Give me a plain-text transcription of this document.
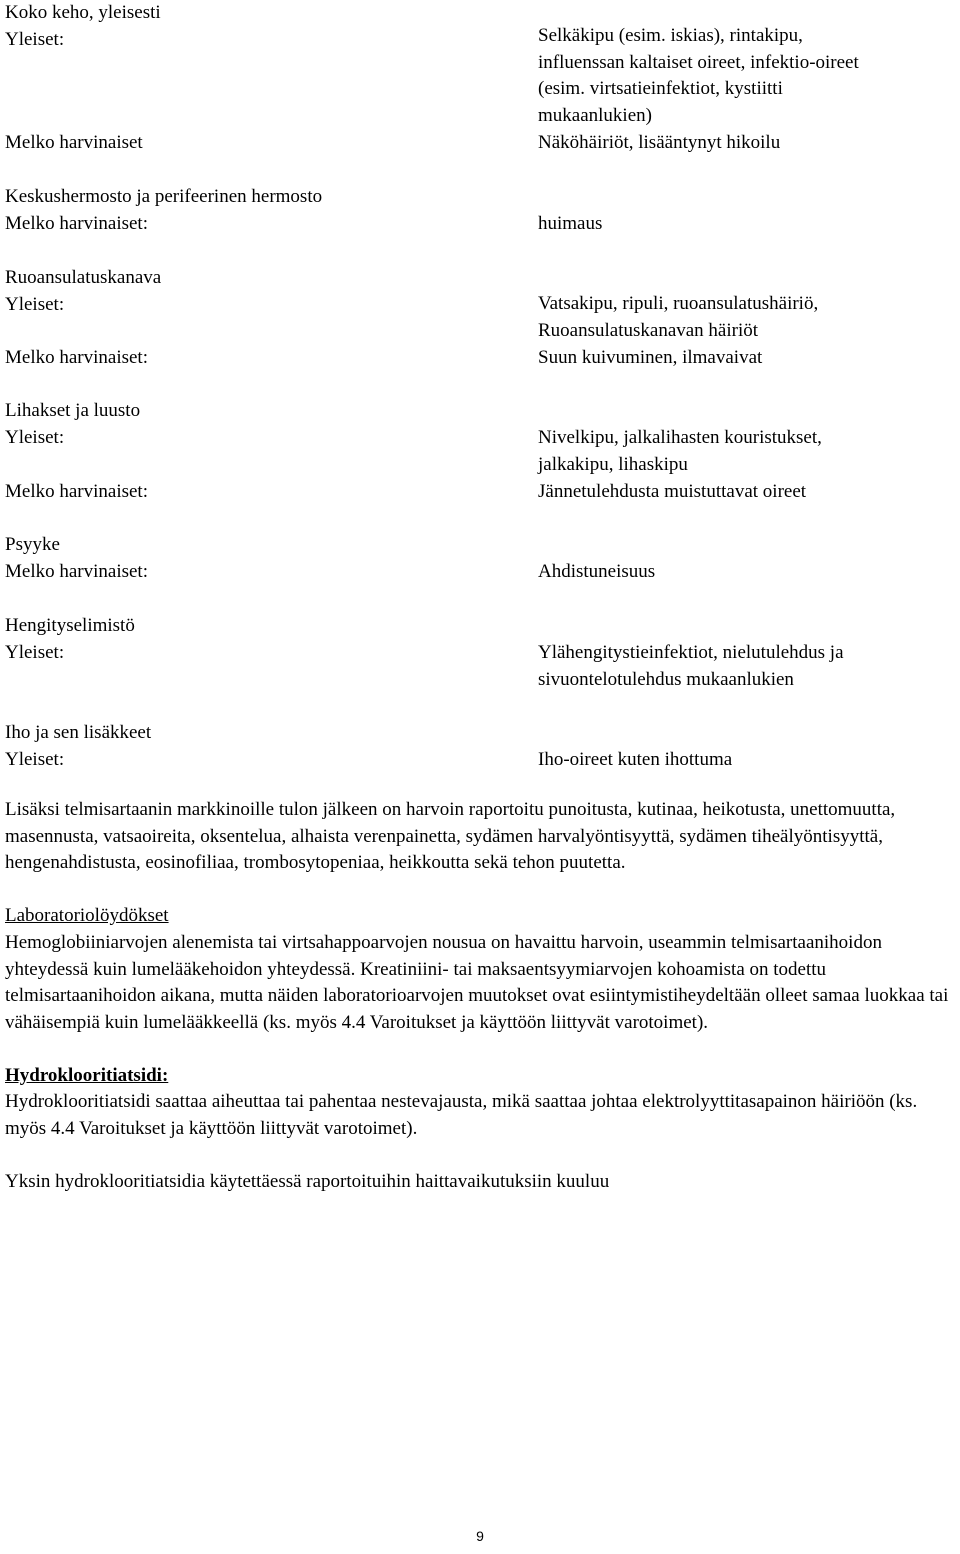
Koko keho, yleisesti
Yleiset:
Melko harvinaiset
Keskushermosto ja perifeerinen hermosto
Melko harvinaiset:
Ruoansulatuskanava
Yleiset:
Melko harvinaiset:
Lihakset ja luusto
Yleiset:
Melko harvinaiset:
Psyyke
Melko harvinaiset:
Hengityselimistö
Yleiset:
Iho ja sen lisäkkeet
Yleiset:
Selkäkipu (esim. iskias), rintakipu,
influenssan kaltaiset oireet, infektio-oireet
(esim. virtsatieinfektiot, kystiitti
mukaanlukien)
Näköhäiriöt, lisääntynyt hikoilu
huimaus
Vatsakipu, ripuli, ruoansulatushäiriö,
Ruoansulatuskanavan häiriöt
Suun kuivuminen, ilmavaivat
Nivelkipu, jalkalihasten kouristukset,
jalkakipu, lihaskipu
Jännetulehdusta muistuttavat oireet
Ahdistuneisuus
Ylähengitystieinfektiot, nielutulehdus ja
sivuontelotulehdus mukaanlukien
Iho-oireet kuten ihottuma

Lisäksi telmisartaanin markkinoille tulon jälkeen on harvoin raportoitu punoitusta, kutinaa, heikotusta, unettomuutta, masennusta, vatsaoireita, oksentelua, alhaista verenpainetta, sydämen harvalyöntisyyttä, sydämen tiheälyöntisyyttä, hengenahdistusta, eosinofiliaa, trombosytopeniaa, heikkoutta sekä tehon puutetta.

Laboratoriolöydökset

Hemoglobiiniarvojen alenemista tai virtsahappoarvojen nousua on havaittu harvoin, useammin telmisartaanihoidon yhteydessä kuin lumelääkehoidon yhteydessä. Kreatiniini- tai maksaentsyymiarvojen kohoamista on todettu telmisartaanihoidon aikana, mutta näiden laboratorioarvojen muutokset ovat esiintymistiheydeltään olleet samaa luokkaa tai vähäisempiä kuin lumelääkkeellä (ks. myös 4.4 Varoitukset ja käyttöön liittyvät varotoimet).

Hydroklooritiatsidi:

Hydroklooritiatsidi saattaa aiheuttaa tai pahentaa nestevajausta, mikä saattaa johtaa elektrolyyttitasapainon häiriöön (ks. myös 4.4 Varoitukset ja käyttöön liittyvät varotoimet).

Yksin hydroklooritiatsidia käytettäessä raportoituihin haittavaikutuksiin kuuluu

9
